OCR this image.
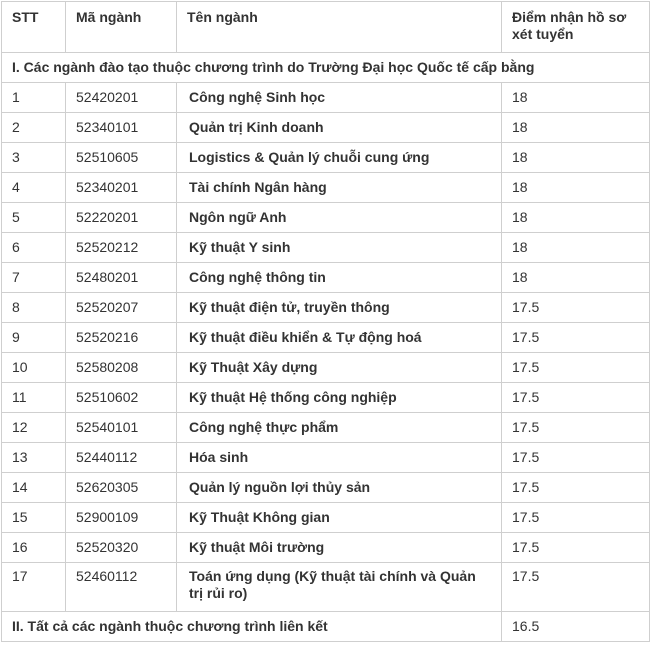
STT	Mã ngành	Tên ngành	Điểm nhận hồ sơ xét tuyển
I. Các ngành đào tạo thuộc chương trình do Trường Đại học Quốc tế cấp bằng			
1	52420201	Công nghệ Sinh học	18
2	52340101	Quản trị Kinh doanh	18
3	52510605	Logistics & Quản lý chuỗi cung ứng	18
4	52340201	Tài chính Ngân hàng	18
5	52220201	Ngôn ngữ Anh	18
6	52520212	Kỹ thuật Y sinh	18
7	52480201	Công nghệ thông tin	18
8	52520207	Kỹ thuật điện tử, truyền thông	17.5
9	52520216	Kỹ thuật điều khiển & Tự động hoá	17.5
10	52580208	Kỹ Thuật Xây dựng	17.5
11	52510602	Kỹ thuật Hệ thống công nghiệp	17.5
12	52540101	Công nghệ thực phẩm	17.5
13	52440112	Hóa sinh	17.5
14	52620305	Quản lý nguồn lợi thủy sản	17.5
15	52900109	Kỹ Thuật Không gian	17.5
16	52520320	Kỹ thuật Môi trường	17.5
17	52460112	Toán ứng dụng (Kỹ thuật tài chính và Quản trị rủi ro)	17.5
II. Tất cả các ngành thuộc chương trình liên kết			16.5
